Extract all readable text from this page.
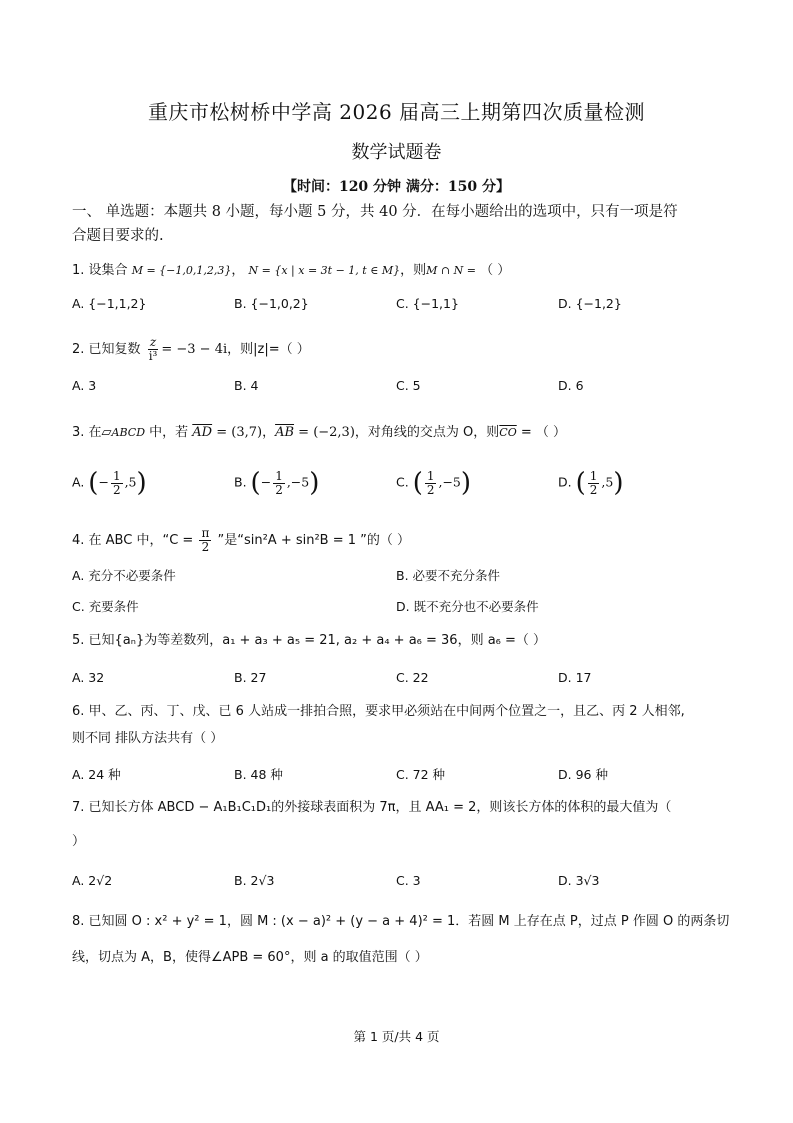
重庆市松树桥中学高 2026 届高三上期第四次质量检测
数学试题卷
【时间：120 分钟 满分：150 分】
一、 单选题：本题共 8 小题，每小题 5 分，共 40 分．在每小题给出的选项中，只有一项是符
合题目要求的.
1. 设集合 M = {−1,0,1,2,3}， N = {x | x = 3t − 1, t ∈ M}，则M ∩ N = （ ）
A. {−1,1,2}	B. {−1,0,2}	C. {−1,1}	D. {−1,2}
2. 已知复数 $\frac{z}{\text{i³}} = -3 - 4i$，则|z|=（ ）
A. 3	B. 4	C. 5	D. 6
3. 在▱ABCD 中，若 $\overline{AD} = (3,7)$，$\overline{AB} = (-2,3)$，对角线的交点为 O，则$\overline{CO}$ = （ ）
A. (− $\frac{1}{2} ,5$)	B. (− $\frac{1}{2} ,-5$)	C. ( $\frac{1}{2} ,-5$)	D. ( $\frac{1}{2} ,5$)
4. 在 ABC 中，“$C = \frac{\pi}{2}$ ”是“sin²A + sin²B = 1 ”的（ ）
A. 充分不必要条件	B. 必要不充分条件
C. 充要条件	D. 既不充分也不必要条件
5. 已知{aₙ}为等差数列，a₁ + a₃ + a₅ = 21, a₂ + a₄ + a₆ = 36，则 a₆ =（ ）
A. 32	B. 27	C. 22	D. 17
6. 甲、乙、丙、丁、戊、已 6 人站成一排拍合照，要求甲必须站在中间两个位置之一，且乙、丙 2 人相邻,
则不同 排队方法共有（ ）
A. 24 种	B. 48 种	C. 72 种	D. 96 种
7. 已知长方体 ABCD − A₁B₁C₁D₁的外接球表面积为 7π，且 AA₁ = 2，则该长方体的体积的最大值为（
）
A. 2√2	B. 2√3	C. 3	D. 3√3
8. 已知圆 O : x² + y² = 1，圆 M : (x − a)² + (y − a + 4)² = 1．若圆 M 上存在点 P，过点 P 作圆 O 的两条切
线，切点为 A，B，使得∠APB = 60°，则 a 的取值范围（ ）
第 1 页/共 4 页
